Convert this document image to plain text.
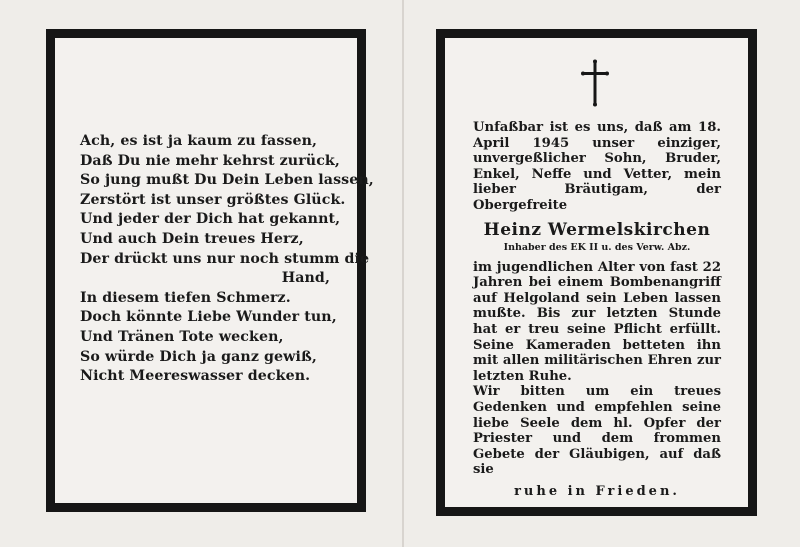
Ach, es ist ja kaum zu fassen,
Daß Du nie mehr kehrst zurück,
So jung mußt Du Dein Leben lassen,
Zerstört ist unser größtes Glück.
Und jeder der Dich hat gekannt,
Und auch Dein treues Herz,
Der drückt uns nur noch stumm die
Hand,
In diesem tiefen Schmerz.
Doch könnte Liebe Wunder tun,
Und Tränen Tote wecken,
So würde Dich ja ganz gewiß,
Nicht Meereswasser decken.

Unfaßbar ist es uns, daß am 18. April 1945 unser einziger, unvergeßlicher Sohn, Bruder, Enkel, Neffe und Vetter, mein lieber Bräutigam, der Obergefreite

Heinz Wermelskirchen

Inhaber des EK II u. des Verw. Abz.

im jugendlichen Alter von fast 22 Jahren bei einem Bombenangriff auf Helgoland sein Leben lassen mußte. Bis zur letzten Stunde hat er treu seine Pflicht erfüllt. Seine Kameraden betteten ihn mit allen militärischen Ehren zur letzten Ruhe.

Wir bitten um ein treues Gedenken und empfehlen seine liebe Seele dem hl. Opfer der Priester und dem frommen Gebete der Gläubigen, auf daß sie

ruhe in Frieden.
